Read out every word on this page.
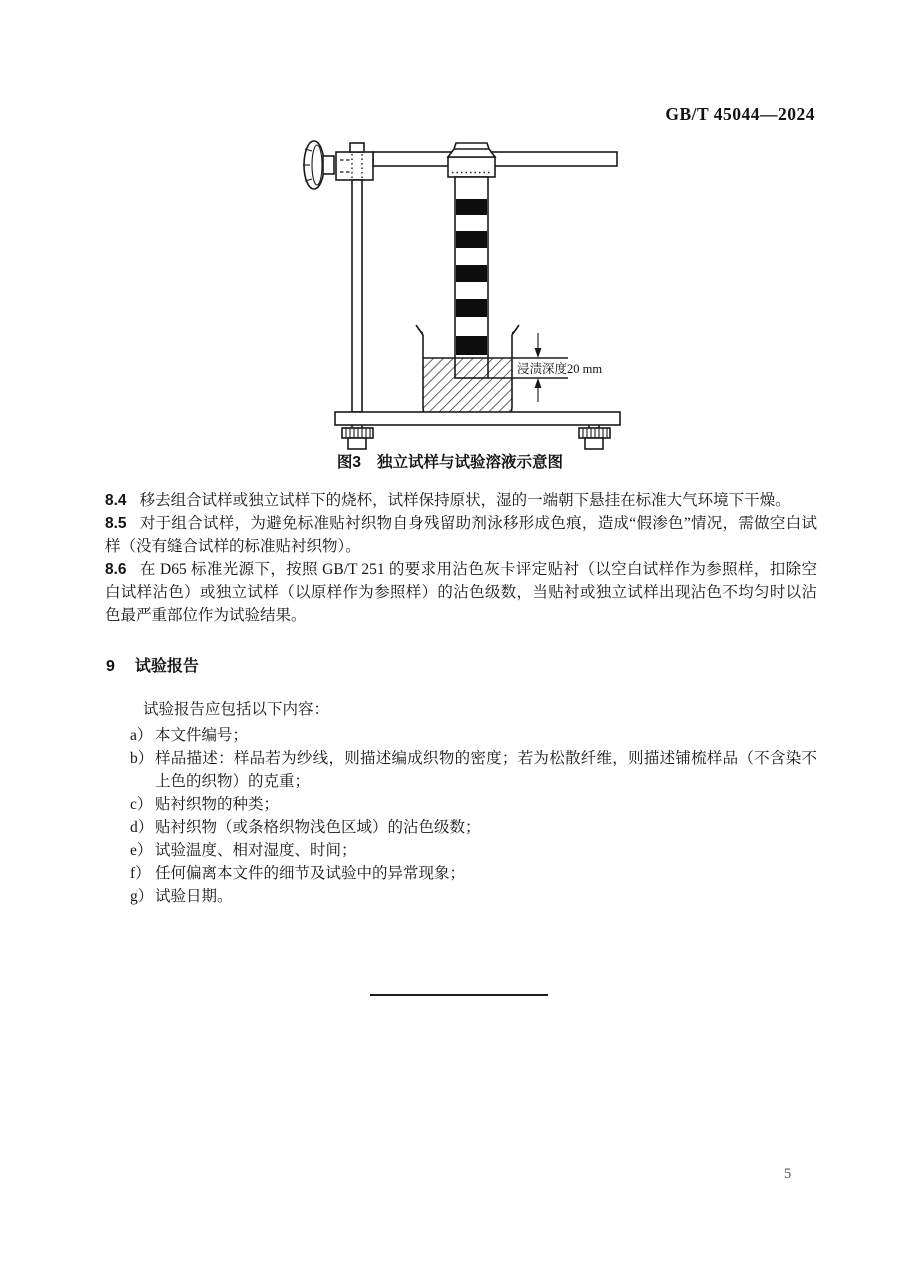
GB/T 45044—2024
浸渍深度20 mm
图3 独立试样与试验溶液示意图

8.4 移去组合试样或独立试样下的烧杯，试样保持原状，湿的一端朝下悬挂在标准大气环境下干燥。

8.5 对于组合试样，为避免标准贴衬织物自身残留助剂泳移形成色痕，造成“假渗色”情况，需做空白试样（没有缝合试样的标准贴衬织物）。

8.6 在 D65 标准光源下，按照 GB/T 251 的要求用沾色灰卡评定贴衬（以空白试样作为参照样，扣除空白试样沾色）或独立试样（以原样作为参照样）的沾色级数，当贴衬或独立试样出现沾色不均匀时以沾色最严重部位作为试验结果。

9 试验报告
试验报告应包括以下内容：
a） 本文件编号；
b） 样品描述：样品若为纱线，则描述编成织物的密度；若为松散纤维，则描述铺梳样品（不含染不上色的织物）的克重；
c） 贴衬织物的种类；
d） 贴衬织物（或条格织物浅色区域）的沾色级数；
e） 试验温度、相对湿度、时间；
f） 任何偏离本文件的细节及试验中的异常现象；
g） 试验日期。
5
